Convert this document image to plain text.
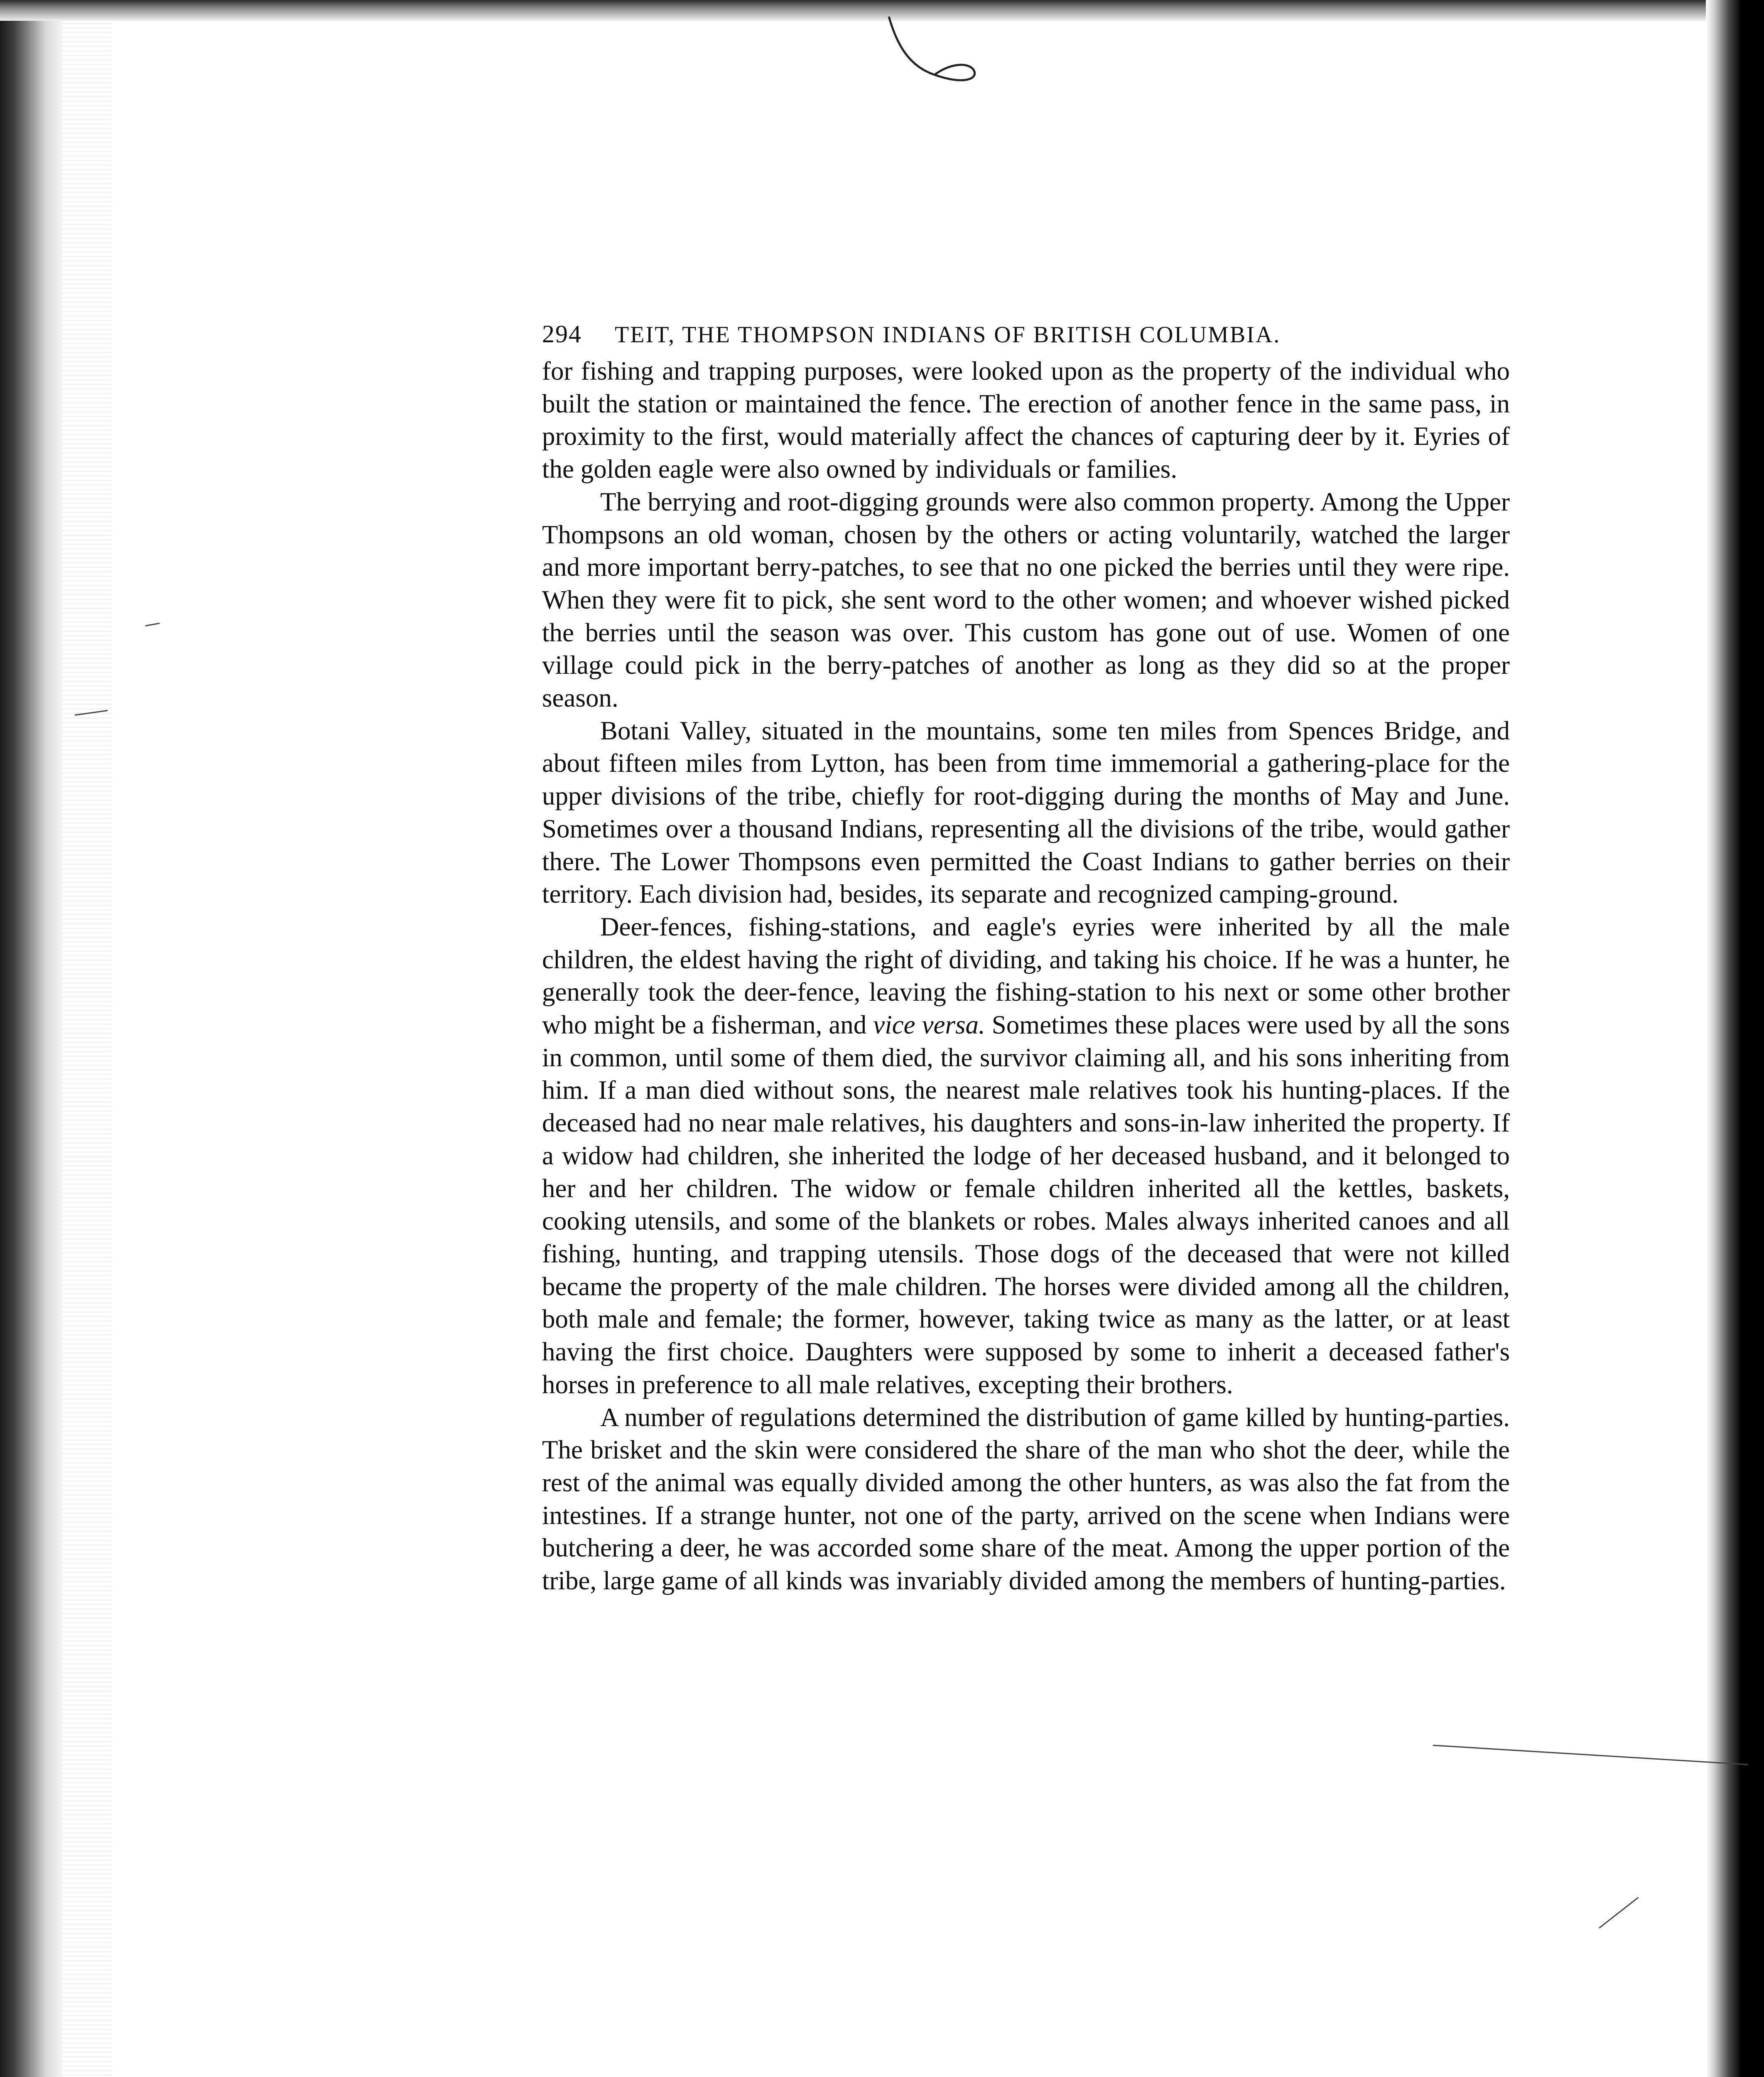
294	TEIT, THE THOMPSON INDIANS OF BRITISH COLUMBIA.

for fishing and trapping purposes, were looked upon as the property of the individual who built the station or maintained the fence. The erection of another fence in the same pass, in proximity to the first, would materially affect the chances of capturing deer by it. Eyries of the golden eagle were also owned by individuals or families.

The berrying and root-digging grounds were also common property. Among the Upper Thompsons an old woman, chosen by the others or acting voluntarily, watched the larger and more important berry-patches, to see that no one picked the berries until they were ripe. When they were fit to pick, she sent word to the other women; and whoever wished picked the berries until the season was over. This custom has gone out of use. Women of one village could pick in the berry-patches of another as long as they did so at the proper season.

Botani Valley, situated in the mountains, some ten miles from Spences Bridge, and about fifteen miles from Lytton, has been from time immemorial a gathering-place for the upper divisions of the tribe, chiefly for root-digging during the months of May and June. Sometimes over a thousand Indians, representing all the divisions of the tribe, would gather there. The Lower Thompsons even permitted the Coast Indians to gather berries on their territory. Each division had, besides, its separate and recognized camping-ground.

Deer-fences, fishing-stations, and eagle's eyries were inherited by all the male children, the eldest having the right of dividing, and taking his choice. If he was a hunter, he generally took the deer-fence, leaving the fishing-station to his next or some other brother who might be a fisherman, and vice versa. Sometimes these places were used by all the sons in common, until some of them died, the survivor claiming all, and his sons inheriting from him. If a man died without sons, the nearest male relatives took his hunting-places. If the deceased had no near male relatives, his daughters and sons-in-law inherited the property. If a widow had children, she inherited the lodge of her deceased husband, and it belonged to her and her children. The widow or female children inherited all the kettles, baskets, cooking utensils, and some of the blankets or robes. Males always inherited canoes and all fishing, hunting, and trapping utensils. Those dogs of the deceased that were not killed became the property of the male children. The horses were divided among all the children, both male and female; the former, however, taking twice as many as the latter, or at least having the first choice. Daughters were supposed by some to inherit a deceased father's horses in preference to all male relatives, excepting their brothers.

A number of regulations determined the distribution of game killed by hunting-parties. The brisket and the skin were considered the share of the man who shot the deer, while the rest of the animal was equally divided among the other hunters, as was also the fat from the intestines. If a strange hunter, not one of the party, arrived on the scene when Indians were butchering a deer, he was accorded some share of the meat. Among the upper portion of the tribe, large game of all kinds was invariably divided among the members of hunting-parties.
